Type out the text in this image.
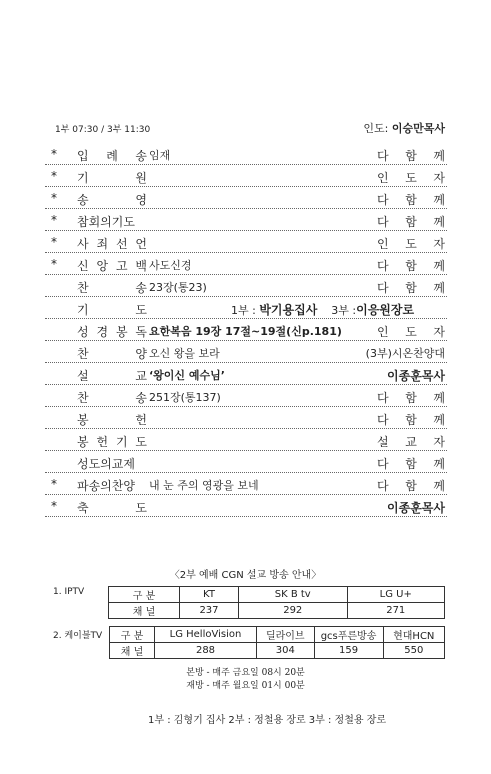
1부 07:30 / 3부 11:30	인도: 이승만목사
* 입 례 송 임재	다 함 께
* 기	원	인 도 자
* 송	영	다 함 께
* 참회의기도	다 함 께
* 사 죄 선 언	인 도 자
* 신 앙 고 백 사도신경	다 함 께
찬	송 23장(통23)	다 함 께
기	도	1부 : 박기용집사 3부 :이응원장로
성 경 봉 독 요한복음 19장 17절~19절(신p.181)	인 도 자
찬	양 오신 왕을 보라	(3부)시온찬양대
설	교 ‘왕이신 예수님’	이종훈목사
찬	송 251장(통137)	다 함 께
봉	헌	다 함 께
봉 헌 기 도	설 교 자
성도의교제	다 함 께
* 파송의찬양 내 눈 주의 영광을 보네	다 함 께
* 축	도	이종훈목사
〈2부 예배 CGN 설교 방송 안내〉
1. IPTV	구 분	KT	SK B tv	LG U+
채 널	237	292	271
2. 케이블TV 구 분	LG HelloVision	딜라이브	gcs푸른방송	현대HCN
채 널	288	304	159	550
본방 - 매주 금요일 08시 20분
재방 - 매주 월요일 01시 00분
1부 : 김형기 집사 2부 : 정철용 장로 3부 : 정철용 장로
